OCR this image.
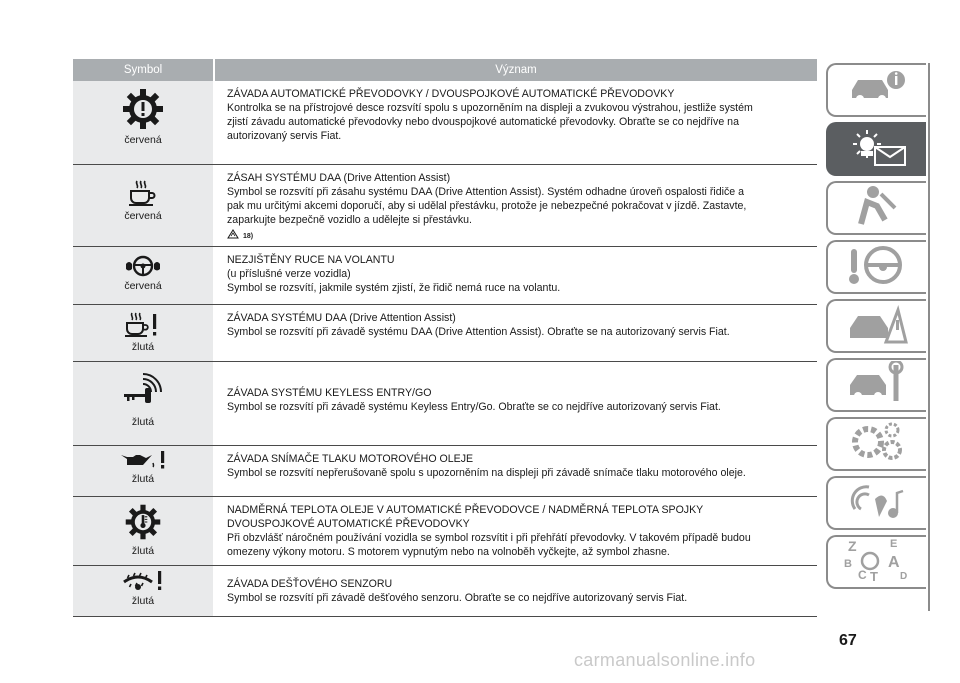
Symbol	Význam
červená
ZÁVADA AUTOMATICKÉ PŘEVODOVKY / DVOUSPOJKOVÉ AUTOMATICKÉ PŘEVODOVKY
Kontrolka se na přístrojové desce rozsvítí spolu s upozorněním na displeji a zvukovou výstrahou, jestliže systém
zjistí závadu automatické převodovky nebo dvouspojkové automatické převodovky. Obraťte se co nejdříve na
autorizovaný servis Fiat.
červená
ZÁSAH SYSTÉMU DAA (Drive Attention Assist)
Symbol se rozsvítí při zásahu systému DAA (Drive Attention Assist). Systém odhadne úroveň ospalosti řidiče a
pak mu určitými akcemi doporučí, aby si udělal přestávku, protože je nebezpečné pokračovat v jízdě. Zastavte,
zaparkujte bezpečně vozidlo a udělejte si přestávku.
18)
červená
NEZJIŠTĚNY RUCE NA VOLANTU
(u příslušné verze vozidla)
Symbol se rozsvítí, jakmile systém zjistí, že řidič nemá ruce na volantu.
žlutá
ZÁVADA SYSTÉMU DAA (Drive Attention Assist)
Symbol se rozsvítí při závadě systému DAA (Drive Attention Assist). Obraťte se na autorizovaný servis Fiat.
žlutá
ZÁVADA SYSTÉMU KEYLESS ENTRY/GO
Symbol se rozsvítí při závadě systému Keyless Entry/Go. Obraťte se co nejdříve autorizovaný servis Fiat.
žlutá
ZÁVADA SNÍMAČE TLAKU MOTOROVÉHO OLEJE
Symbol se rozsvítí nepřerušovaně spolu s upozorněním na displeji při závadě snímače tlaku motorového oleje.
žlutá
NADMĚRNÁ TEPLOTA OLEJE V AUTOMATICKÉ PŘEVODOVCE / NADMĚRNÁ TEPLOTA SPOJKY
DVOUSPOJKOVÉ AUTOMATICKÉ PŘEVODOVKY
Při obzvlášť náročném používání vozidla se symbol rozsvítit i při přehřátí převodovky. V takovém případě budou
omezeny výkony motoru. S motorem vypnutým nebo na volnoběh vyčkejte, až symbol zhasne.
žlutá
ZÁVADA DEŠŤOVÉHO SENZORU
Symbol se rozsvítí při závadě dešťového senzoru. Obraťte se co nejdříve autorizovaný servis Fiat.
Z	E
B A
C T D
67
carmanualsonline.info
